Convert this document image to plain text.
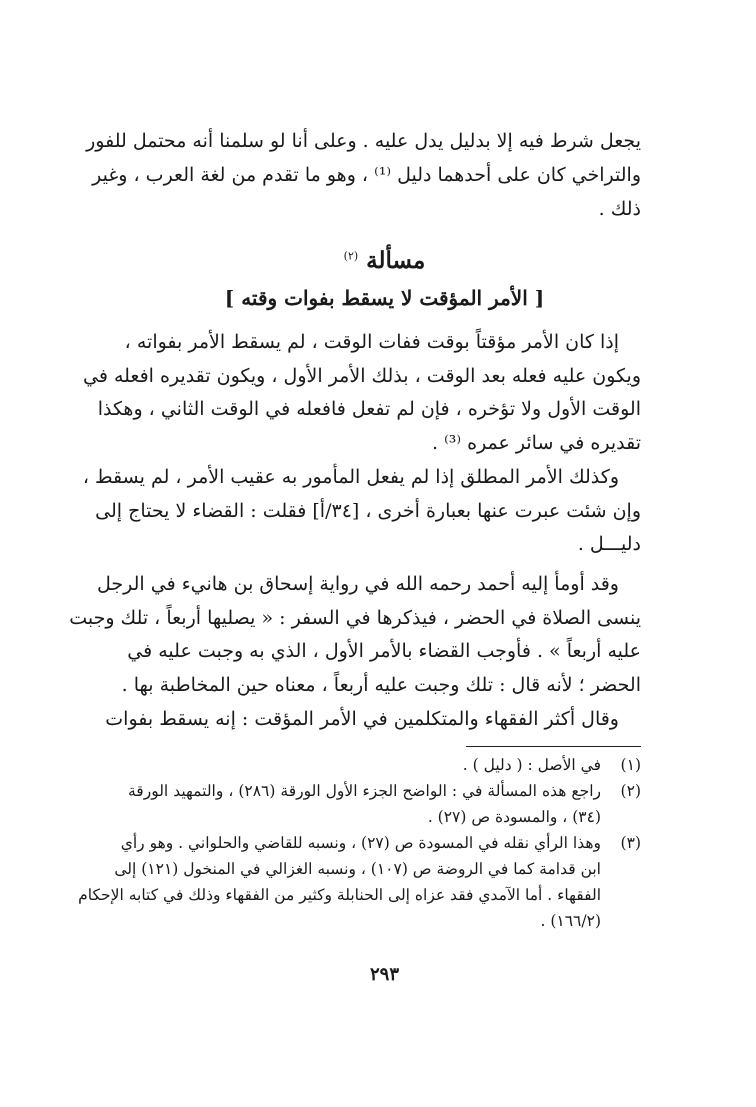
يجعل شرط فيه إلا بدليل يدل عليه . وعلى أنا لو سلمنا أنه محتمل للفور
والتراخي كان على أحدهما دليل ⁽¹⁾ ، وهو ما تقدم من لغة العرب ، وغير
ذلك .
مسألة $^{(٢)}$
[ الأمر المؤقت لا يسقط بفوات وقته ]
إذا كان الأمر مؤقتاً بوقت ففات الوقت ، لم يسقط الأمر بفواته ،
ويكون عليه فعله بعد الوقت ، بذلك الأمر الأول ، ويكون تقديره افعله في
الوقت الأول ولا تؤخره ، فإن لم تفعل فافعله في الوقت الثاني ، وهكذا
تقديره في سائر عمره ⁽³⁾ .
وكذلك الأمر المطلق إذا لم يفعل المأمور به عقيب الأمر ، لم يسقط ،
وإن شئت عبرت عنها بعبارة أخرى ، [٣٤/أ] فقلت : القضاء لا يحتاج إلى
دليـــل .
وقد أومأ إليه أحمد رحمه الله في رواية إسحاق بن هانيء في الرجل
ينسى الصلاة في الحضر ، فيذكرها في السفر : « يصليها أربعاً ، تلك وجبت
عليه أربعاً » . فأوجب القضاء بالأمر الأول ، الذي به وجبت عليه في
الحضر ؛ لأنه قال : تلك وجبت عليه أربعاً ، معناه حين المخاطبة بها .
وقال أكثر الفقهاء والمتكلمين في الأمر المؤقت : إنه يسقط بفوات
(١)
في الأصل : ( دليل ) .
(٢)
راجع هذه المسألة في : الواضح الجزء الأول الورقة (٢٨٦) ، والتمهيد الورقة
(٣٤) ، والمسودة ص (٢٧) .
(٣)
وهذا الرأي نقله في المسودة ص (٢٧) ، ونسبه للقاضي والحلواني . وهو رأي
ابن قدامة كما في الروضة ص (١٠٧) ، ونسبه الغزالي في المنخول (١٢١) إلى
الفقهاء . أما الآمدي فقد عزاه إلى الحنابلة وكثير من الفقهاء وذلك في كتابه الإحكام
(١٦٦/٢) .
٢٩٣
